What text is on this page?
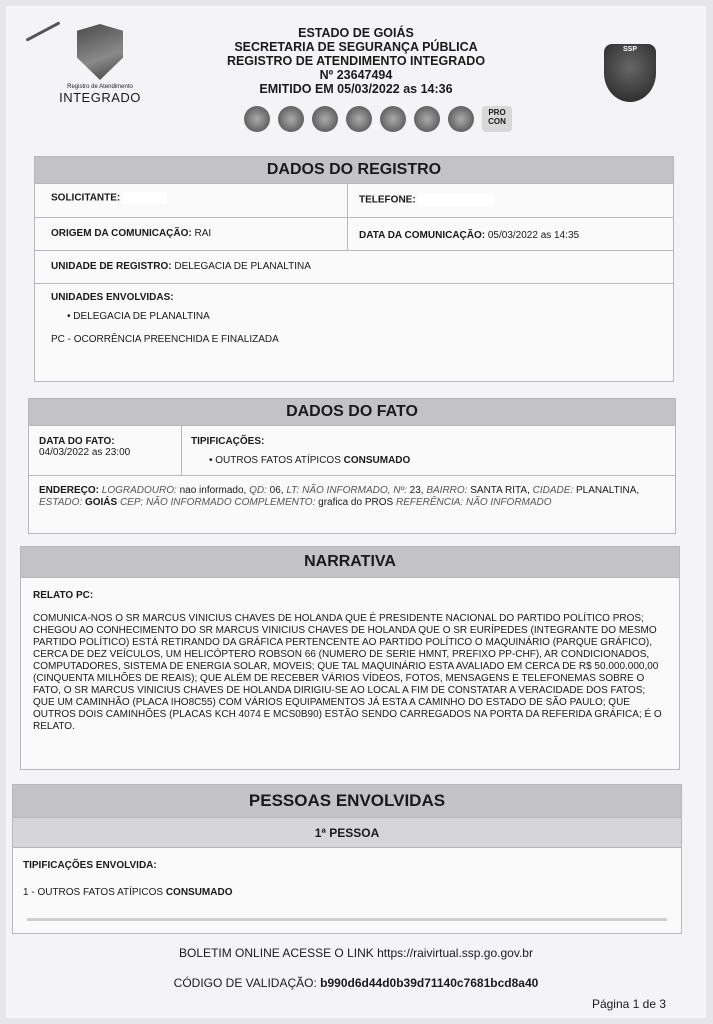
Registro de Atendimento
INTEGRADO
ESTADO DE GOIÁS
SECRETARIA DE SEGURANÇA PÚBLICA
REGISTRO DE ATENDIMENTO INTEGRADO
Nº 23647494
EMITIDO EM 05/03/2022 as 14:36
PRO
CON
SSP
DADOS DO REGISTRO
SOLICITANTE:	TELEFONE:
ORIGEM DA COMUNICAÇÃO: RAI	DATA DA COMUNICAÇÃO: 05/03/2022 as 14:35
UNIDADE DE REGISTRO: DELEGACIA DE PLANALTINA
UNIDADES ENVOLVIDAS:
• DELEGACIA DE PLANALTINA
PC - OCORRÊNCIA PREENCHIDA E FINALIZADA
DADOS DO FATO
DATA DO FATO:
04/03/2022 as 23:00
TIPIFICAÇÕES:
• OUTROS FATOS ATÍPICOS CONSUMADO
ENDEREÇO: LOGRADOURO: nao informado, QD: 06, LT: NÃO INFORMADO, Nº: 23, BAIRRO: SANTA RITA, CIDADE: PLANALTINA, ESTADO: GOIÁS CEP: NÃO INFORMADO COMPLEMENTO: grafica do PROS REFERÊNCIA: NÃO INFORMADO
NARRATIVA
RELATO PC:
COMUNICA-NOS O SR MARCUS VINICIUS CHAVES DE HOLANDA QUE É PRESIDENTE NACIONAL DO PARTIDO POLÍTICO PROS; CHEGOU AO CONHECIMENTO DO SR MARCUS VINICIUS CHAVES DE HOLANDA QUE O SR EURÍPEDES (INTEGRANTE DO MESMO PARTIDO POLÍTICO) ESTÁ RETIRANDO DA GRÁFICA PERTENCENTE AO PARTIDO POLÍTICO O MAQUINÁRIO (PARQUE GRÁFICO), CERCA DE DEZ VEÍCULOS, UM HELICÓPTERO ROBSON 66 (NUMERO DE SERIE HMNT, PREFIXO PP-CHF), AR CONDICIONADOS, COMPUTADORES, SISTEMA DE ENERGIA SOLAR, MOVEIS; QUE TAL MAQUINÁRIO ESTA AVALIADO EM CERCA DE R$ 50.000.000,00 (CINQUENTA MILHÕES DE REAIS); QUE ALÉM DE RECEBER VÁRIOS VÍDEOS, FOTOS, MENSAGENS E TELEFONEMAS SOBRE O FATO, O SR MARCUS VINICIUS CHAVES DE HOLANDA DIRIGIU-SE AO LOCAL A FIM DE CONSTATAR A VERACIDADE DOS FATOS; QUE UM CAMINHÃO (PLACA IHO8C55) COM VÁRIOS EQUIPAMENTOS JÁ ESTA A CAMINHO DO ESTADO DE SÃO PAULO; QUE OUTROS DOIS CAMINHÕES (PLACAS KCH 4074 E MCS0B90) ESTÃO SENDO CARREGADOS NA PORTA DA REFERIDA GRÁFICA; É O RELATO.
PESSOAS ENVOLVIDAS
1ª PESSOA
TIPIFICAÇÕES ENVOLVIDA:
1 - OUTROS FATOS ATÍPICOS CONSUMADO
BOLETIM ONLINE ACESSE O LINK https://raivirtual.ssp.go.gov.br
CÓDIGO DE VALIDAÇÃO: b990d6d44d0b39d71140c7681bcd8a40
Página 1 de 3
